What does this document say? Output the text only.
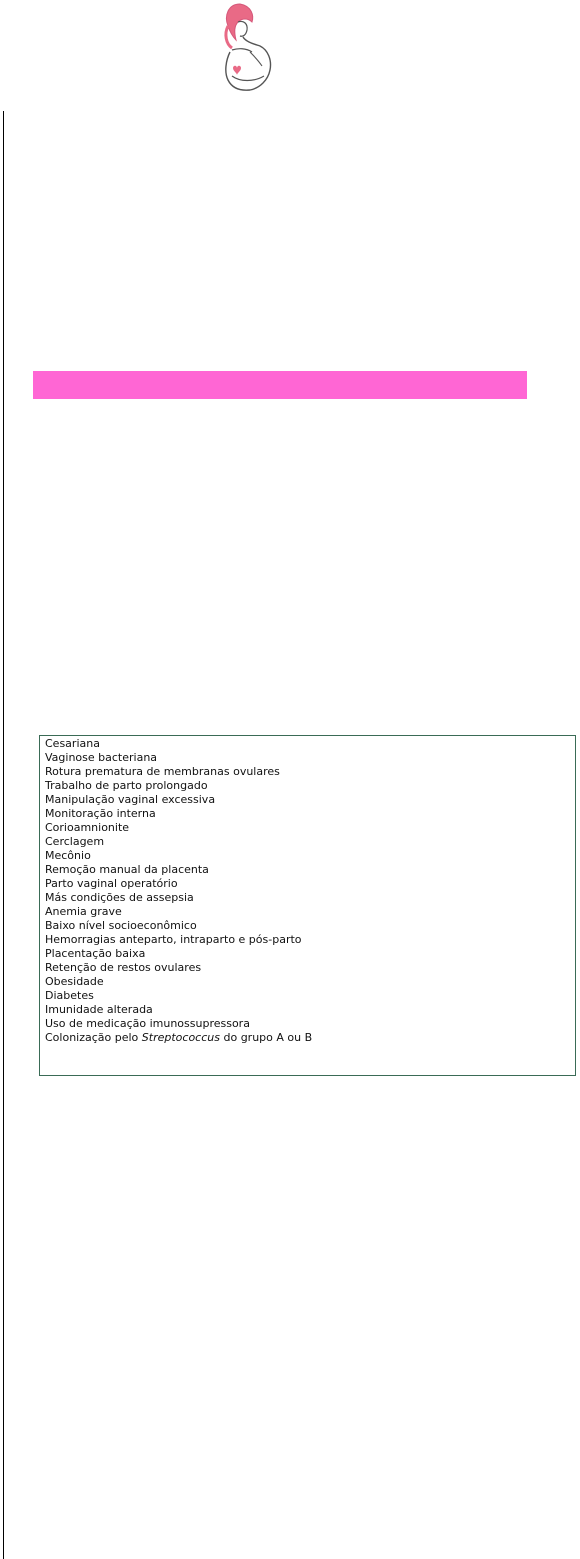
Cesariana
Vaginose bacteriana
Rotura prematura de membranas ovulares
Trabalho de parto prolongado
Manipulação vaginal excessiva
Monitoração interna
Corioamnionite
Cerclagem
Mecônio
Remoção manual da placenta
Parto vaginal operatório
Más condições de assepsia
Anemia grave
Baixo nível socioeconômico
Hemorragias anteparto, intraparto e pós-parto
Placentação baixa
Retenção de restos ovulares
Obesidade
Diabetes
Imunidade alterada
Uso de medicação imunossupressora
Colonização pelo Streptococcus do grupo A ou B
